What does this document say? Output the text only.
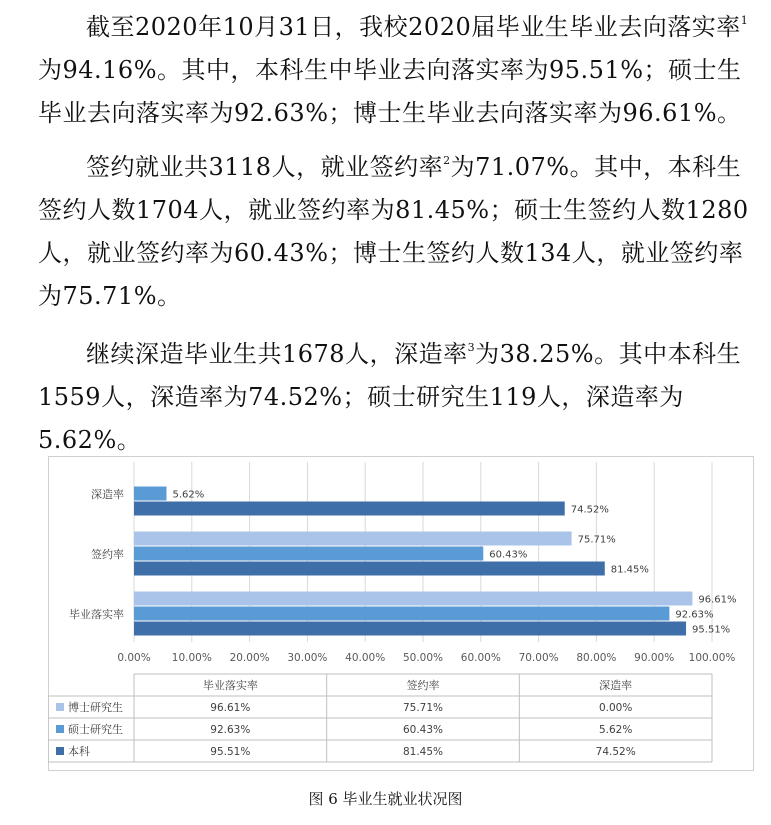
截至2020年10月31日，我校2020届毕业生毕业去向落实率$^1$为94.16%。其中，本科生中毕业去向落实率为95.51%；硕士生毕业去向落实率为92.63%；博士生毕业去向落实率为96.61%。

签约就业共3118人，就业签约率$^2$为71.07%。其中，本科生签约人数1704人，就业签约率为81.45%；硕士生签约人数1280人，就业签约率为60.43%；博士生签约人数134人，就业签约率为75.71%。

继续深造毕业生共1678人，深造率$^3$为38.25%。其中本科生1559人，深造率为74.52%；硕士研究生119人，深造率为5.62%。

0.00% 10.00% 20.00% 30.00% 40.00% 50.00% 60.00% 70.00% 80.00% 90.00% 100.00%
毕业落实率
96.61%
92.63%
95.51%
签约率
75.71%
60.43%
81.45%
深造率	5.62%
74.52%
毕业落实率	签约率	深造率
博士研究生	96.61%	75.71%	0.00%
硕士研究生	92.63%	60.43%	5.62%
本科	95.51%	81.45%	74.52%
图 6 毕业生就业状况图
